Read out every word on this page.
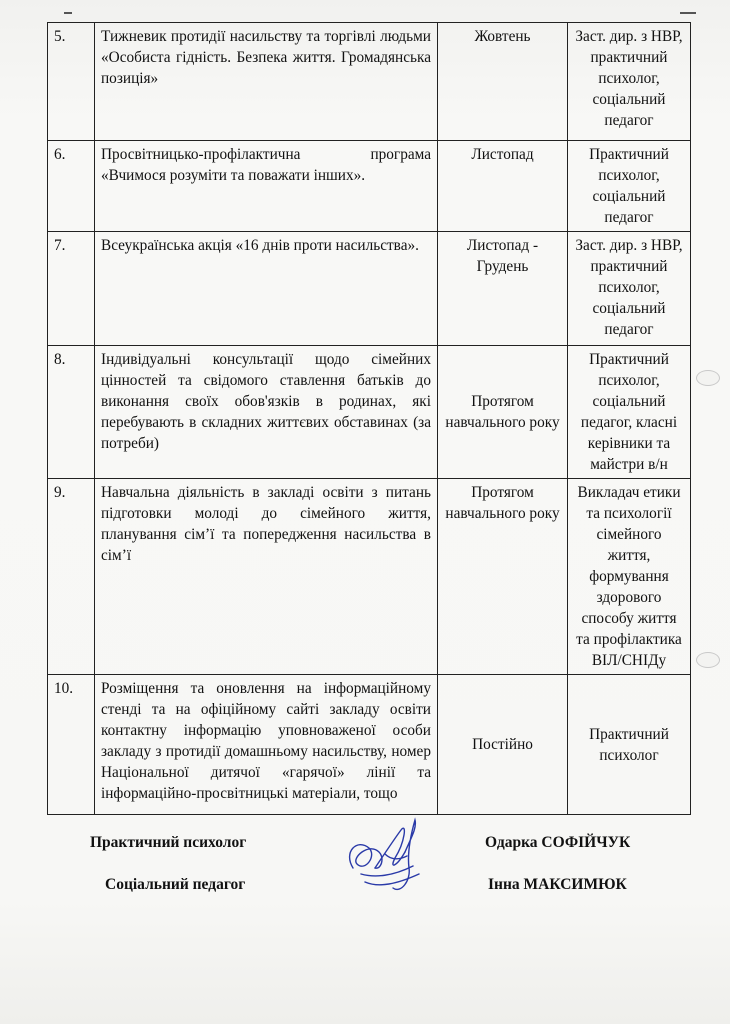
5.	Тижневик протидії насильству та торгівлі людьми «Особиста гідність. Безпека життя. Громадянська позиція»	Жовтень	Заст. дир. з НВР, практичний психолог, соціальний педагог
6.	Просвітницько-профілактична програма «Вчимося розуміти та поважати інших».	Листопад	Практичний психолог, соціальний педагог
7.	Всеукраїнська акція «16 днів проти насильства».	Листопад - Грудень	Заст. дир. з НВР, практичний психолог, соціальний педагог
8.	Індивідуальні консультації щодо сімейних цінностей та свідомого ставлення батьків до виконання своїх обов'язків в родинах, які перебувають в складних життєвих обставинах (за потреби)	Протягом навчального року	Практичний психолог, соціальний педагог, класні керівники та майстри в/н
9.	Навчальна діяльність в закладі освіти з питань підготовки молоді до сімейного життя, планування сім’ї та попередження насильства в сім’ї	Протягом навчального року	Викладач етики та психології сімейного життя, формування здорового способу життя та профілактика ВІЛ/СНІДу
10.	Розміщення та оновлення на інформаційному стенді та на офіційному сайті закладу освіти контактну інформацію уповноваженої особи закладу з протидії домашньому насильству, номер Національної дитячої «гарячої» лінії та інформаційно-просвітницькі матеріали, тощо	Постійно	Практичний психолог
Практичний психолог
Соціальний педагог
Одарка СОФІЙЧУК
Інна МАКСИМЮК
